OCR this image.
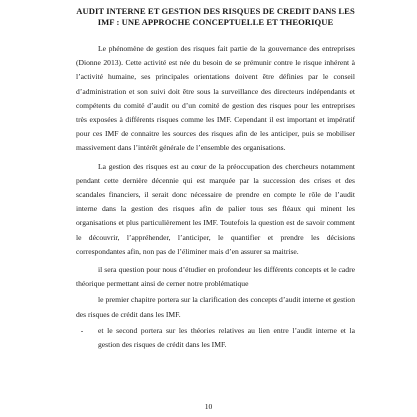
AUDIT INTERNE ET GESTION DES RISQUES DE CREDIT DANS LES IMF : UNE APPROCHE CONCEPTUELLE ET THEORIQUE

Le phénomène de gestion des risques fait partie de la gouvernance des entreprises (Dionne 2013). Cette activité est née du besoin de se prémunir contre le risque inhérent à l’activité humaine, ses principales orientations doivent être définies par le conseil d’administration et son suivi doit être sous la surveillance des directeurs indépendants et compétents du comité d’audit ou d’un comité de gestion des risques pour les entreprises très exposées à différents risques comme les IMF. Cependant il est important et impératif pour ces IMF de connaitre les sources des risques afin de les anticiper, puis se mobiliser massivement dans l’intérêt générale de l’ensemble des organisations.

La gestion des risques est au cœur de la préoccupation des chercheurs notamment pendant cette dernière décennie qui est marquée par la succession des crises et des scandales financiers, il serait donc nécessaire de prendre en compte le rôle de l’audit interne dans la gestion des risques afin de palier tous ses fléaux qui minent les organisations et plus particulièrement les IMF. Toutefois la question est de savoir comment le découvrir, l’appréhender, l’anticiper, le quantifier et prendre les décisions correspondantes afin, non pas de l’éliminer mais d’en assurer sa maitrise.

il sera question pour nous d’étudier en profondeur les différents concepts et le cadre théorique permettant ainsi de cerner notre problématique

le premier chapitre portera sur la clarification des concepts d’audit interne et gestion des risques de crédit dans les IMF.

-	et le second portera sur les théories relatives au lien entre l’audit interne et la gestion des risques de crédit dans les IMF.
10
